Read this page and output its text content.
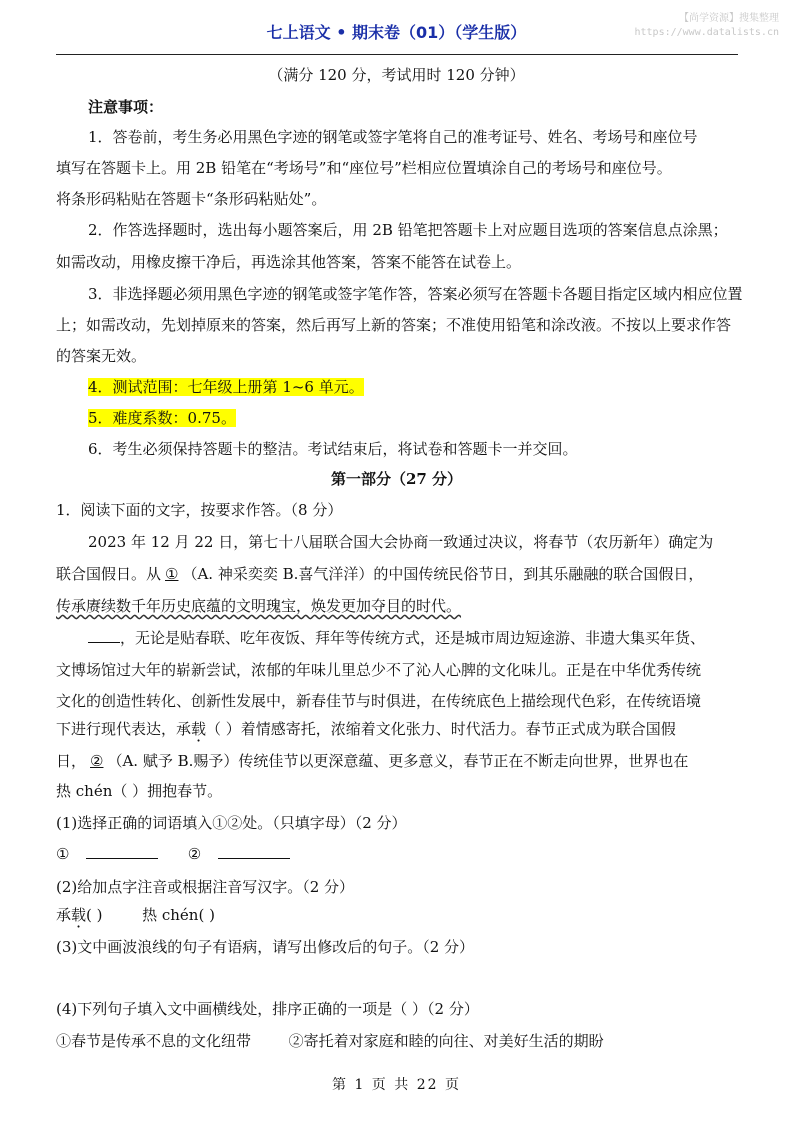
七上语文 • 期末卷（01）（学生版）
【尚学资源】搜集整理
https://www.datalists.cn
（满分 120 分，考试用时 120 分钟）
注意事项：
1．答卷前，考生务必用黑色字迹的钢笔或签字笔将自己的准考证号、姓名、考场号和座位号
填写在答题卡上。用 2B 铅笔在“考场号”和“座位号”栏相应位置填涂自己的考场号和座位号。
将条形码粘贴在答题卡“条形码粘贴处”。
2．作答选择题时，选出每小题答案后，用 2B 铅笔把答题卡上对应题目选项的答案信息点涂黑；
如需改动，用橡皮擦干净后，再选涂其他答案，答案不能答在试卷上。
3．非选择题必须用黑色字迹的钢笔或签字笔作答，答案必须写在答题卡各题目指定区域内相应位置
上；如需改动，先划掉原来的答案，然后再写上新的答案；不准使用铅笔和涂改液。不按以上要求作答
的答案无效。
4．测试范围：七年级上册第 1~6 单元。
5．难度系数：0.75。
6．考生必须保持答题卡的整洁。考试结束后，将试卷和答题卡一并交回。
第一部分（27 分）
1．阅读下面的文字，按要求作答。（8 分）
2023 年 12 月 22 日，第七十八届联合国大会协商一致通过决议，将春节（农历新年）确定为
联合国假日。从 ① （A. 神采奕奕 B.喜气洋洋）的中国传统民俗节日，到其乐融融的联合国假日，
传承赓续数千年历史底蕴的文明瑰宝，焕发更加夺目的时代。
，无论是贴春联、吃年夜饭、拜年等传统方式，还是城市周边短途游、非遗大集买年货、
文博场馆过大年的崭新尝试，浓郁的年味儿里总少不了沁人心脾的文化味儿。正是在中华优秀传统
文化的创造性转化、创新性发展中，新春佳节与时俱进，在传统底色上描绘现代色彩，在传统语境
下进行现代表达，承载（ ）着情感寄托，浓缩着文化张力、时代活力。春节正式成为联合国假
日， ② （A. 赋予 B.赐予）传统佳节以更深意蕴、更多意义，春节正在不断走向世界，世界也在
热 chén（ ）拥抱春节。
(1)选择正确的词语填入①②处。（只填字母）（2 分）
①	②
(2)给加点字注音或根据注音写汉字。（2 分）
承载( )	热 chén( )
(3)文中画波浪线的句子有语病，请写出修改后的句子。（2 分）
(4)下列句子填入文中画横线处，排序正确的一项是（ ）（2 分）
①春节是传承不息的文化纽带	②寄托着对家庭和睦的向往、对美好生活的期盼
第 1 页 共 22 页
